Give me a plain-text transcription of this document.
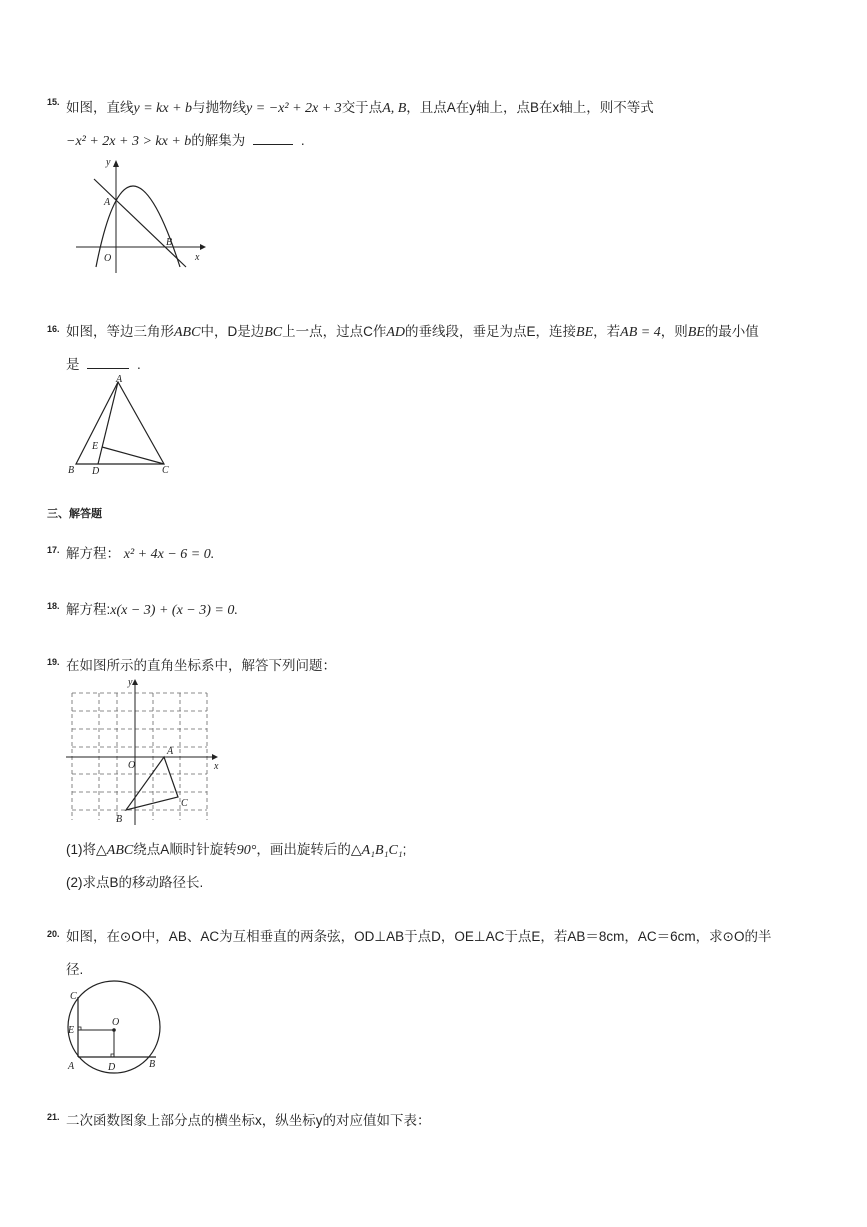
15. 如图，直线y = kx + b与抛物线y = −x² + 2x + 3交于点A, B，且点A在y轴上，点B在x轴上，则不等式
−x² + 2x + 3 > kx + b的解集为	.
y
x
A
B
O
16. 如图，等边三角形ABC中，D是边BC上一点，过点C作AD的垂线段，垂足为点E，连接BE，若AB = 4，则BE的最小值
是	.
A
B	C
D
E
三、解答题
17. 解方程： x² + 4x − 6 = 0.
18. 解方程:x(x − 3) + (x − 3) = 0.
19. 在如图所示的直角坐标系中，解答下列问题：
y
x
O
A
C
B
(1)将△ABC绕点A顺时针旋转90°，画出旋转后的△A₁B₁C₁;
(2)求点B的移动路径长.
20. 如图，在⊙O中，AB、AC为互相垂直的两条弦，OD⊥AB于点D，OE⊥AC于点E，若AB＝8cm，AC＝6cm，求⊙O的半
径.
C
E
O
A	D	B
21. 二次函数图象上部分点的横坐标x，纵坐标y的对应值如下表：
